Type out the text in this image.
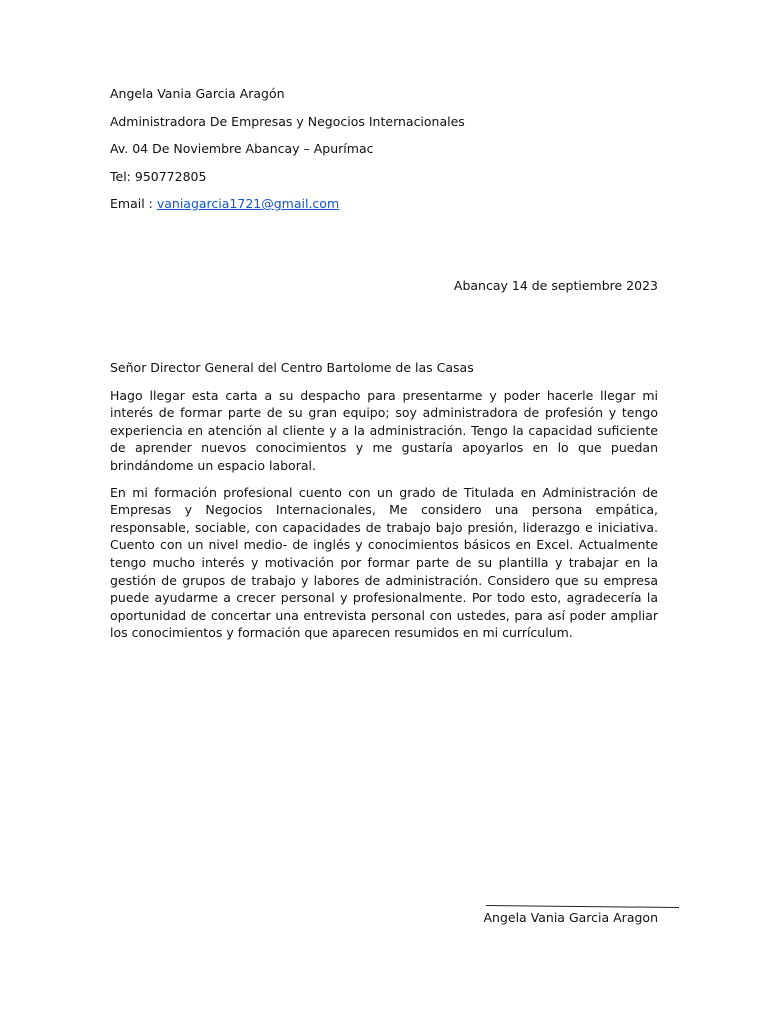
Angela Vania Garcia Aragón
Administradora De Empresas y Negocios Internacionales
Av. 04 De Noviembre Abancay – Apurímac
Tel: 950772805
Email : vaniagarcia1721@gmail.com
Abancay 14 de septiembre 2023

Señor Director General del Centro Bartolome de las Casas

Hago llegar esta carta a su despacho para presentarme y poder hacerle llegar mi interés de formar parte de su gran equipo; soy administradora de profesión y tengo experiencia en atención al cliente y a la administración. Tengo la capacidad suficiente de aprender nuevos conocimientos y me gustaría apoyarlos en lo que puedan brindándome un espacio laboral.

En mi formación profesional cuento con un grado de Titulada en Administración de Empresas y Negocios Internacionales, Me considero una persona empática, responsable, sociable, con capacidades de trabajo bajo presión, liderazgo e iniciativa. Cuento con un nivel medio- de inglés y conocimientos básicos en Excel. Actualmente tengo mucho interés y motivación por formar parte de su plantilla y trabajar en la gestión de grupos de trabajo y labores de administración. Considero que su empresa puede ayudarme a crecer personal y profesionalmente. Por todo esto, agradecería la oportunidad de concertar una entrevista personal con ustedes, para así poder ampliar los conocimientos y formación que aparecen resumidos en mi currículum.

Angela Vania Garcia Aragon
